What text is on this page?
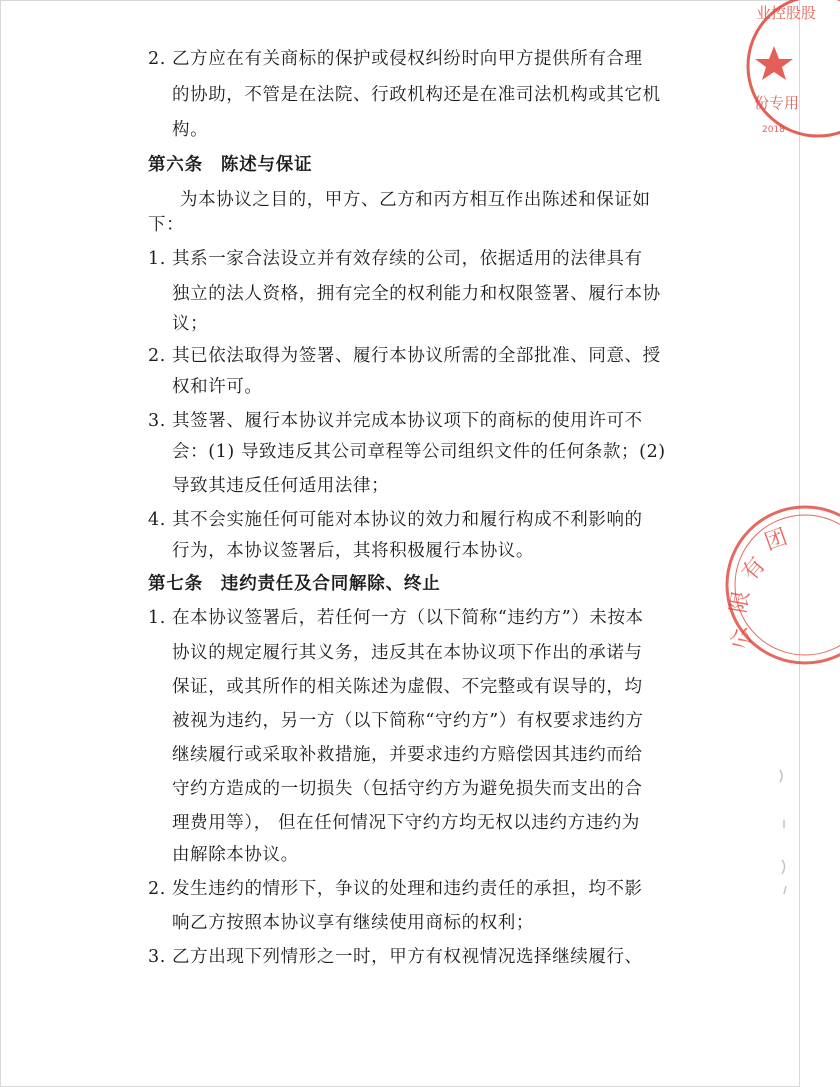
2. 乙方应在有关商标的保护或侵权纠纷时向甲方提供所有合理
的协助，不管是在法院、行政机构还是在准司法机构或其它机
构。
第六条 陈述与保证
为本协议之目的，甲方、乙方和丙方相互作出陈述和保证如
下：
1. 其系一家合法设立并有效存续的公司，依据适用的法律具有
独立的法人资格，拥有完全的权利能力和权限签署、履行本协
议；
2. 其已依法取得为签署、履行本协议所需的全部批准、同意、授
权和许可。
3. 其签署、履行本协议并完成本协议项下的商标的使用许可不
会：(1) 导致违反其公司章程等公司组织文件的任何条款；(2)
导致其违反任何适用法律；
4. 其不会实施任何可能对本协议的效力和履行构成不利影响的
行为，本协议签署后，其将积极履行本协议。
第七条 违约责任及合同解除、终止
1. 在本协议签署后，若任何一方（以下简称“违约方”）未按本
协议的规定履行其义务，违反其在本协议项下作出的承诺与
保证，或其所作的相关陈述为虚假、不完整或有误导的，均
被视为违约，另一方（以下简称“守约方”）有权要求违约方
继续履行或采取补救措施，并要求违约方赔偿因其违约而给
守约方造成的一切损失（包括守约方为避免损失而支出的合
理费用等）， 但在任何情况下守约方均无权以违约方违约为
由解除本协议。
2. 发生违约的情形下，争议的处理和违约责任的承担，均不影
响乙方按照本协议享有继续使用商标的权利；
3. 乙方出现下列情形之一时，甲方有权视情况选择继续履行、
业控股股
份专用
2018
团
有
限
公
